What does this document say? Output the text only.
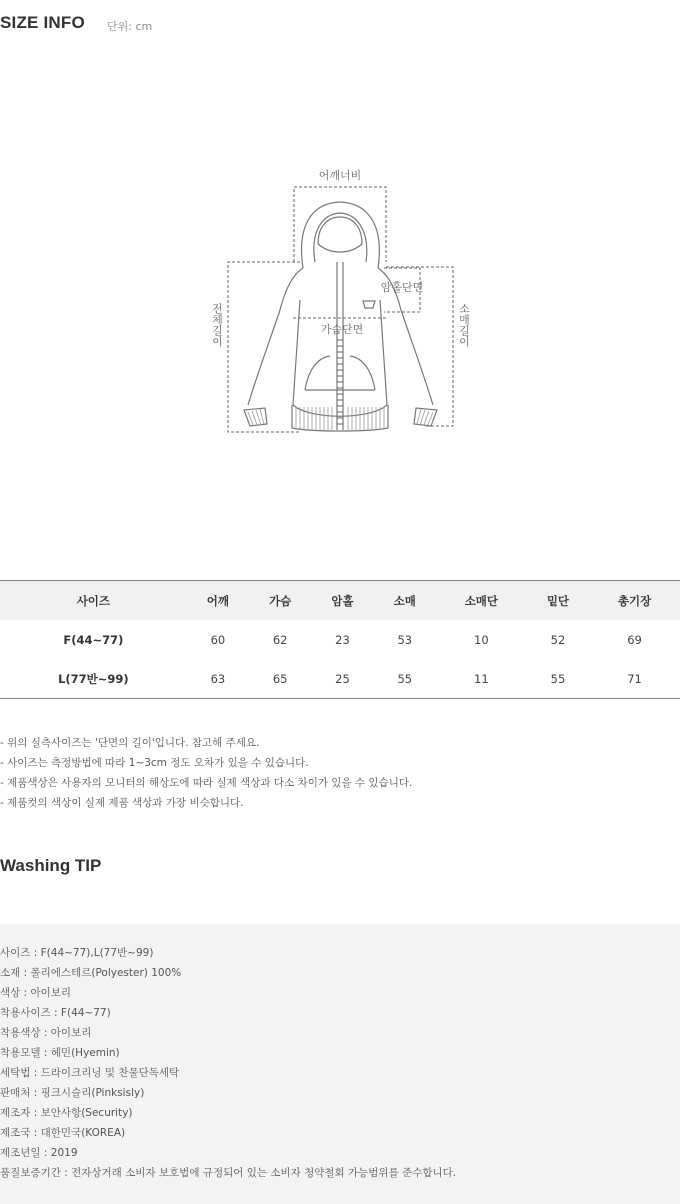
SIZE INFO 단위: cm
어깨너비
암홀단면
가슴단면
전체길이	소매길이
사이즈	어깨	가슴	암홀	소매	소매단	밑단	총기장
F(44~77)	60	62	23	53	10	52	69
L(77반~99)	63	65	25	55	11	55	71
- 위의 실측사이즈는 '단면의 길이'입니다. 참고해 주세요.
- 사이즈는 측정방법에 따라 1~3cm 정도 오차가 있을 수 있습니다.
- 제품색상은 사용자의 모니터의 해상도에 따라 실제 색상과 다소 차이가 있을 수 있습니다.
- 제품컷의 색상이 실제 제품 색상과 가장 비슷합니다.
Washing TIP
사이즈 : F(44~77),L(77반~99)
소재 : 폴리에스테르(Polyester) 100%
색상 : 아이보리
착용사이즈 : F(44~77)
착용색상 : 아이보리
착용모델 : 헤민(Hyemin)
세탁법 : 드라이크리닝 및 찬물단독세탁
판매처 : 핑크시슬리(Pinksisly)
제조자 : 보안사항(Security)
제조국 : 대한민국(KOREA)
제조년일 : 2019
품질보증기간 : 전자상거래 소비자 보호법에 규정되어 있는 소비자 청약철회 가능범위를 준수합니다.
